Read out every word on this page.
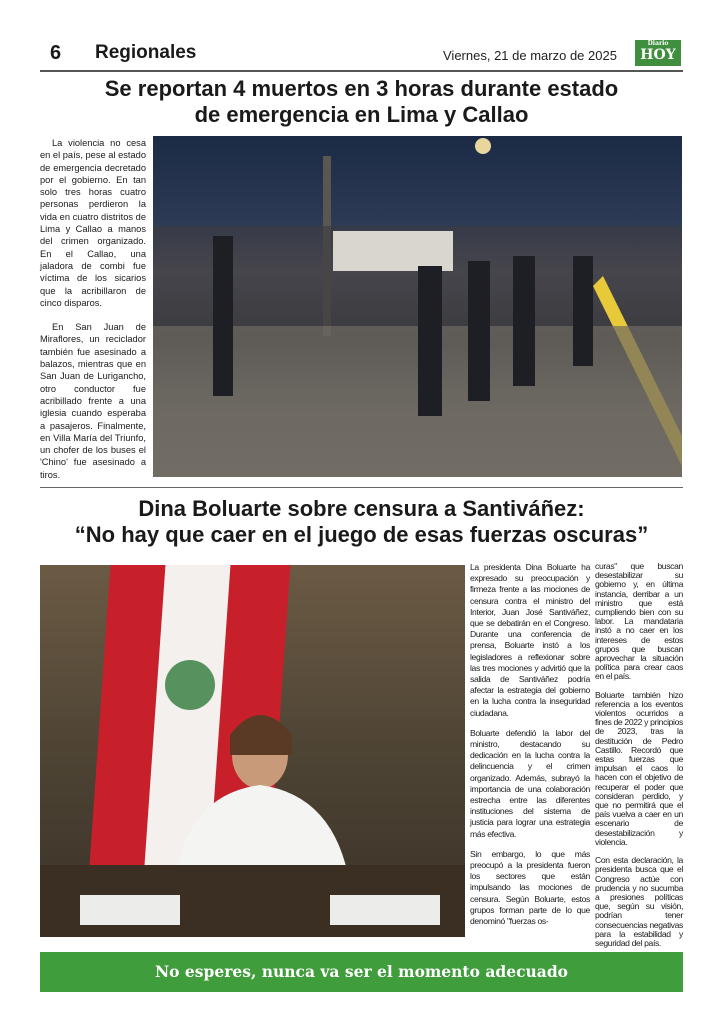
6 Regionales	Viernes, 21 de marzo de 2025
Diario
HOY
Se reportan 4 muertos en 3 horas durante estado
de emergencia en Lima y Callao

La violencia no cesa en el país, pese al estado de emergencia decretado por el gobierno. En tan solo tres horas cuatro personas perdieron la vida en cuatro distritos de Lima y Callao a manos del crimen organizado. En el Callao, una jaladora de combi fue víctima de los sicarios que la acribillaron de cinco disparos.

En San Juan de Miraflores, un reciclador también fue asesinado a balazos, mientras que en San Juan de Lurigancho, otro conductor fue acribillado frente a una iglesia cuando esperaba a pasajeros. Finalmente, en Villa María del Triunfo, un chofer de los buses el 'Chino' fue asesinado a tiros.

Dina Boluarte sobre censura a Santiváñez:
“No hay que caer en el juego de esas fuerzas oscuras”

La presidenta Dina Boluarte ha expresado su preocupación y firmeza frente a las mociones de censura contra el ministro del Interior, Juan José Santiváñez, que se debatirán en el Congreso. Durante una conferencia de prensa, Boluarte instó a los legisladores a reflexionar sobre las tres mociones y advirtió que la salida de Santiváñez podría afectar la estrategia del gobierno en la lucha contra la inseguridad ciudadana.

Boluarte defendió la labor del ministro, destacando su dedicación en la lucha contra la delincuencia y el crimen organizado. Además, subrayó la importancia de una colaboración estrecha entre las diferentes instituciones del sistema de justicia para lograr una estrategia más efectiva.

Sin embargo, lo que más preocupó a la presidenta fueron los sectores que están impulsando las mociones de censura. Según Boluarte, estos grupos forman parte de lo que denominó "fuerzas os-

curas" que buscan desestabilizar su gobierno y, en última instancia, derribar a un ministro que está cumpliendo bien con su labor. La mandataria instó a no caer en los intereses de estos grupos que buscan aprovechar la situación política para crear caos en el país.

Boluarte también hizo referencia a los eventos violentos ocurridos a fines de 2022 y principios de 2023, tras la destitución de Pedro Castillo. Recordó que estas fuerzas que impulsan el caos lo hacen con el objetivo de recuperar el poder que consideran perdido, y que no permitirá que el país vuelva a caer en un escenario de desestabilización y violencia.

Con esta declaración, la presidenta busca que el Congreso actúe con prudencia y no sucumba a presiones políticas que, según su visión, podrían tener consecuencias negativas para la estabilidad y seguridad del país.

No esperes, nunca va ser el momento adecuado
